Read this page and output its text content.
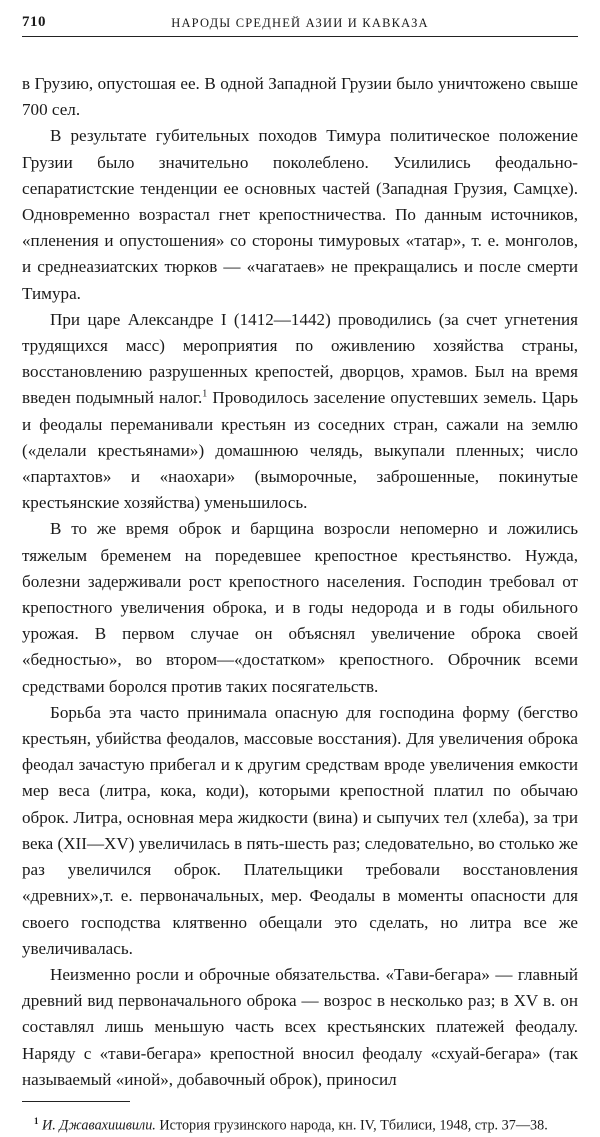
710	НАРОДЫ СРЕДНЕЙ АЗИИ И КАВКАЗА

в Грузию, опустошая ее. В одной Западной Грузии было уничтожено свыше 700 сел.

В результате губительных походов Тимура политическое положение Грузии было значительно поколеблено. Усилились феодально-сепаратистские тенденции ее основных частей (Западная Грузия, Самцхе). Одновременно возрастал гнет крепостничества. По данным источников, «пленения и опустошения» со стороны тимуровых «татар», т. е. монголов, и среднеазиатских тюрков — «чагатаев» не прекращались и после смерти Тимура.

При царе Александре I (1412—1442) проводились (за счет угнетения трудящихся масс) мероприятия по оживлению хозяйства страны, восстановлению разрушенных крепостей, дворцов, храмов. Был на время введен подымный налог.$^1$ Проводилось заселение опустевших земель. Царь и феодалы переманивали крестьян из соседних стран, сажали на землю («делали крестьянами») домашнюю челядь, выкупали пленных; число «партахтов» и «наохари» (выморочные, заброшенные, покинутые крестьянские хозяйства) уменьшилось.

В то же время оброк и барщина возросли непомерно и ложились тяжелым бременем на поредевшее крепостное крестьянство. Нужда, болезни задерживали рост крепостного населения. Господин требовал от крепостного увеличения оброка, и в годы недорода и в годы обильного урожая. В первом случае он объяснял увеличение оброка своей «бедностью», во втором—«достатком» крепостного. Оброчник всеми средствами боролся против таких посягательств.

Борьба эта часто принимала опасную для господина форму (бегство крестьян, убийства феодалов, массовые восстания). Для увеличения оброка феодал зачастую прибегал и к другим средствам вроде увеличения емкости мер веса (литра, кока, коди), которыми крепостной платил по обычаю оброк. Литра, основная мера жидкости (вина) и сыпучих тел (хлеба), за три века (XII—XV) увеличилась в пять-шесть раз; следовательно, во столько же раз увеличился оброк. Плательщики требовали восстановления «древних»,т. е. первоначальных, мер. Феодалы в моменты опасности для своего господства клятвенно обещали это сделать, но литра все же увеличивалась.

Неизменно росли и оброчные обязательства. «Тави-бегара» — главный древний вид первоначального оброка — возрос в несколько раз; в XV в. он составлял лишь меньшую часть всех крестьянских платежей феодалу. Наряду с «тави-бегара» крепостной вносил феодалу «схуай-бегара» (так называемый «иной», добавочный оброк), приносил

$^1$ И. Джавахишвили. История грузинского народа, кн. IV, Тбилиси, 1948, стр. 37—38.
